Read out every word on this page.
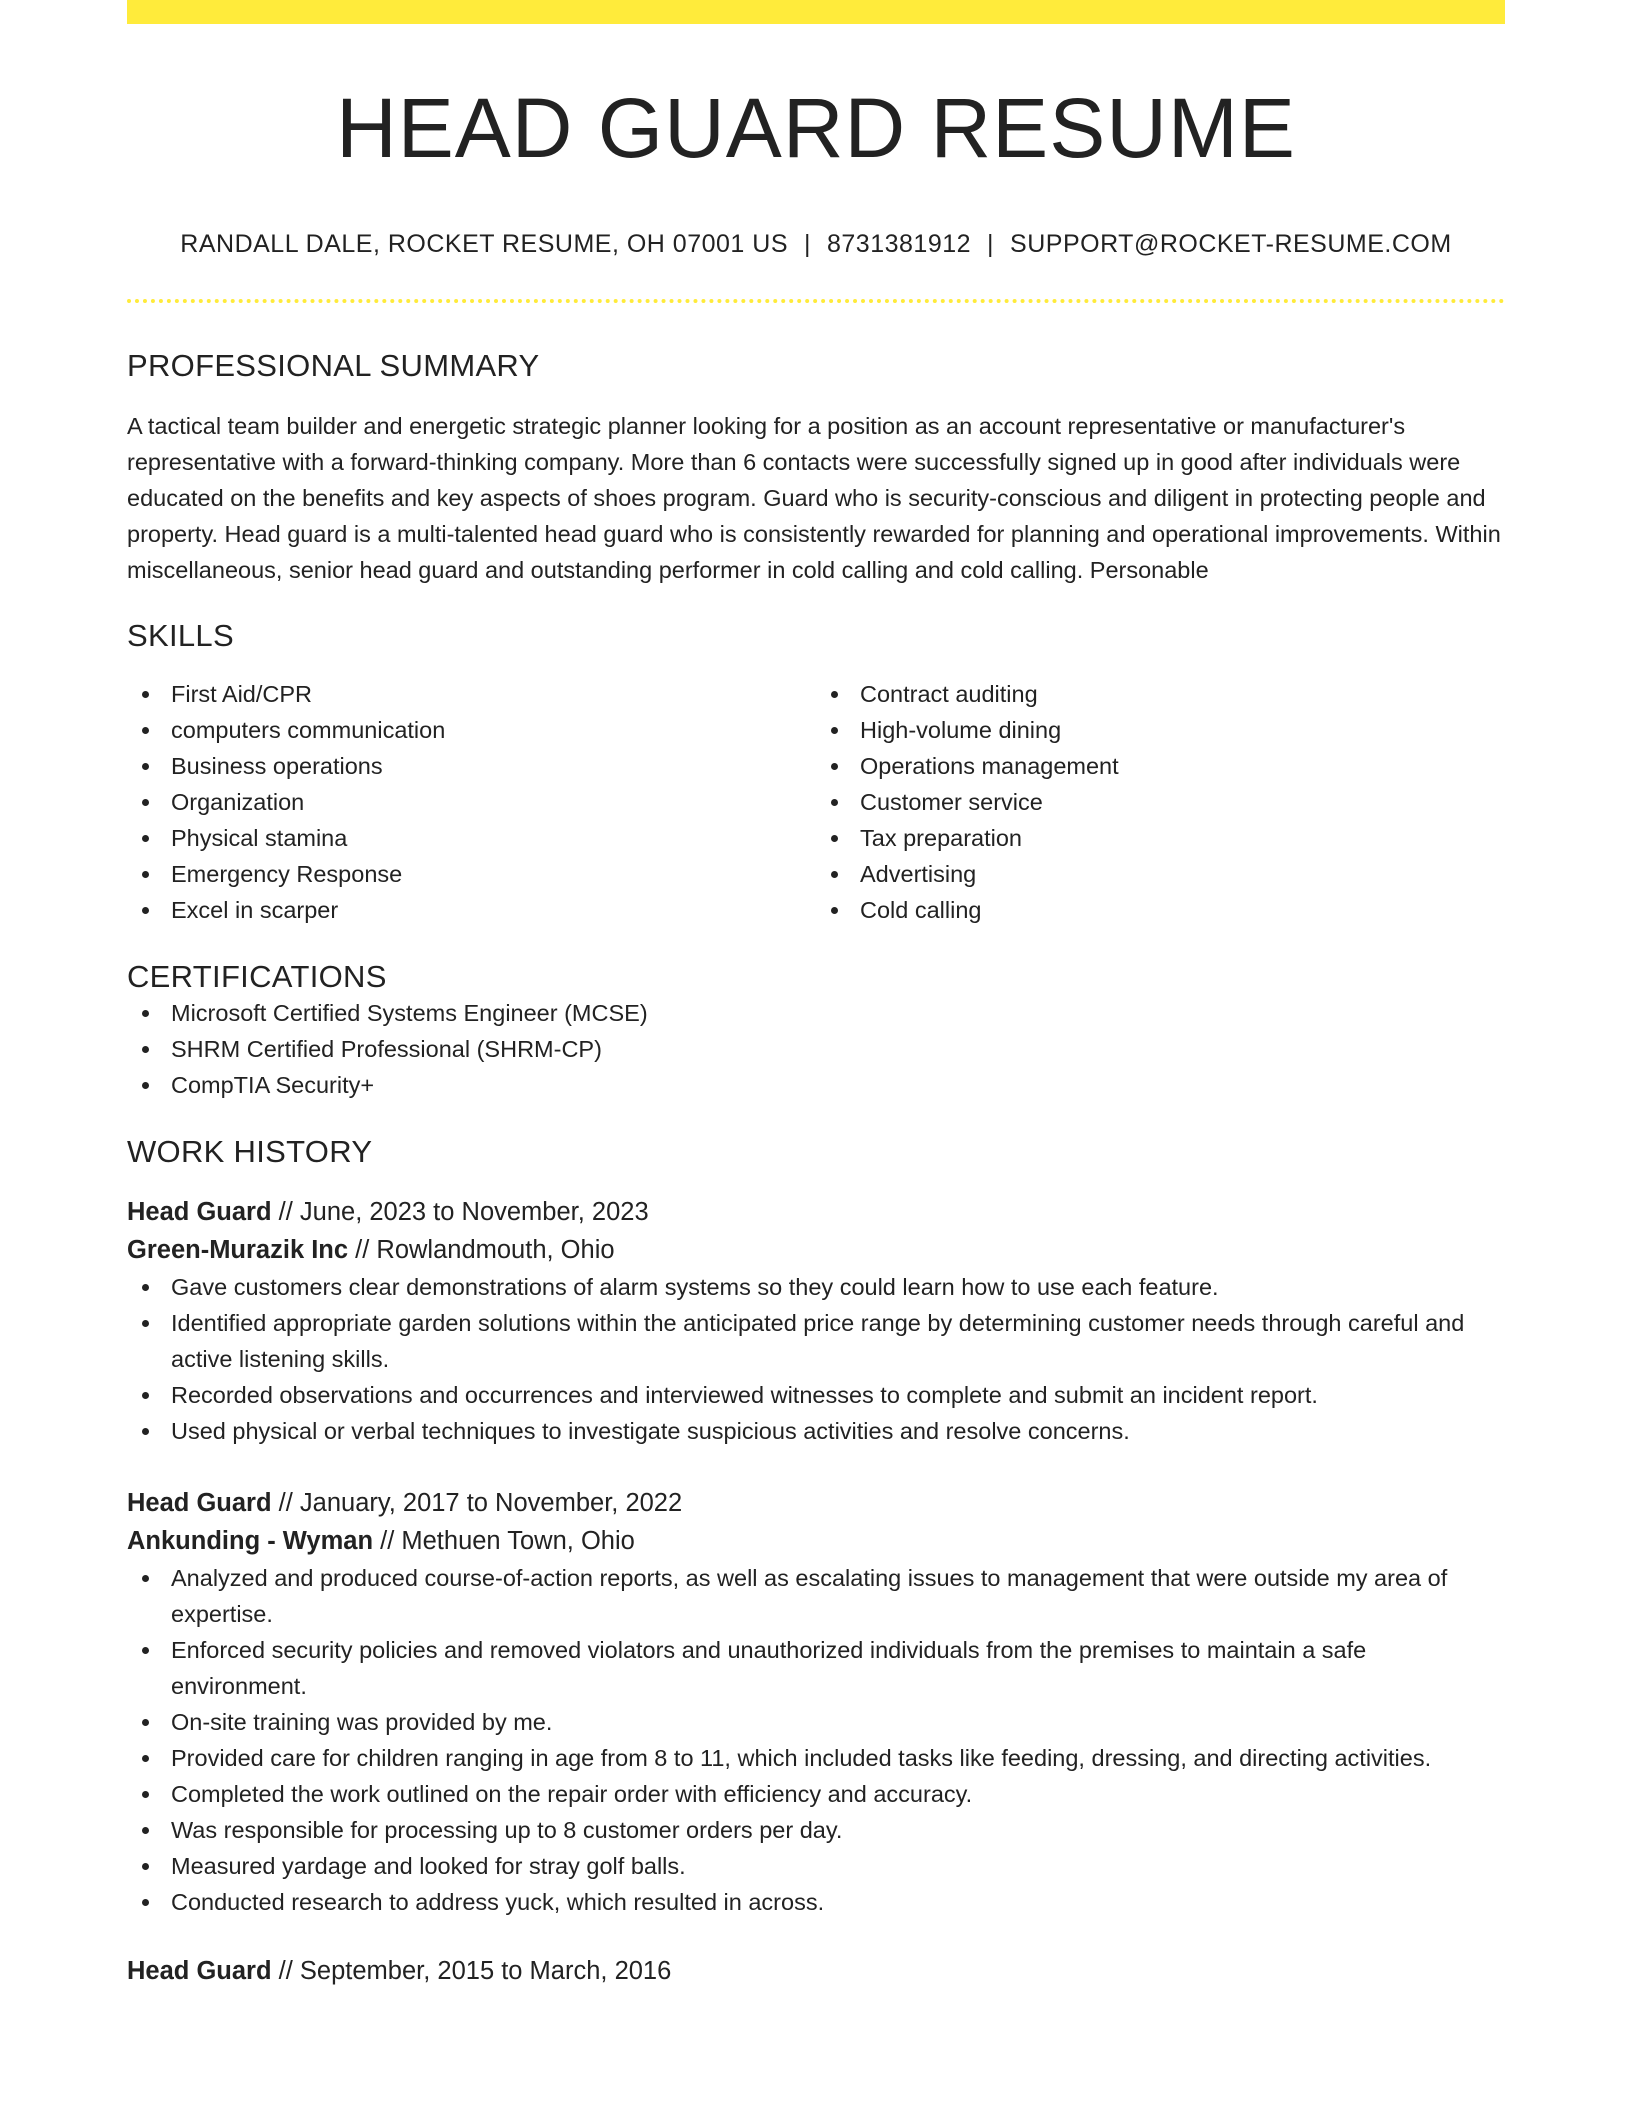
HEAD GUARD RESUME
RANDALL DALE, ROCKET RESUME, OH 07001 US | 8731381912 | SUPPORT@ROCKET-RESUME.COM
PROFESSIONAL SUMMARY

A tactical team builder and energetic strategic planner looking for a position as an account representative or manufacturer's representative with a forward-thinking company. More than 6 contacts were successfully signed up in good after individuals were educated on the benefits and key aspects of shoes program. Guard who is security-conscious and diligent in protecting people and property. Head guard is a multi-talented head guard who is consistently rewarded for planning and operational improvements. Within miscellaneous, senior head guard and outstanding performer in cold calling and cold calling. Personable

SKILLS
First Aid/CPR
computers communication
Business operations
Organization
Physical stamina
Emergency Response
Excel in scarper
Contract auditing
High-volume dining
Operations management
Customer service
Tax preparation
Advertising
Cold calling
CERTIFICATIONS
Microsoft Certified Systems Engineer (MCSE)
SHRM Certified Professional (SHRM-CP)
CompTIA Security+
WORK HISTORY
Head Guard // June, 2023 to November, 2023
Green-Murazik Inc // Rowlandmouth, Ohio
Gave customers clear demonstrations of alarm systems so they could learn how to use each feature.
Identified appropriate garden solutions within the anticipated price range by determining customer needs through careful and active listening skills.
Recorded observations and occurrences and interviewed witnesses to complete and submit an incident report.
Used physical or verbal techniques to investigate suspicious activities and resolve concerns.
Head Guard // January, 2017 to November, 2022
Ankunding - Wyman // Methuen Town, Ohio
Analyzed and produced course-of-action reports, as well as escalating issues to management that were outside my area of expertise.
Enforced security policies and removed violators and unauthorized individuals from the premises to maintain a safe environment.
On-site training was provided by me.
Provided care for children ranging in age from 8 to 11, which included tasks like feeding, dressing, and directing activities.
Completed the work outlined on the repair order with efficiency and accuracy.
Was responsible for processing up to 8 customer orders per day.
Measured yardage and looked for stray golf balls.
Conducted research to address yuck, which resulted in across.
Head Guard // September, 2015 to March, 2016
